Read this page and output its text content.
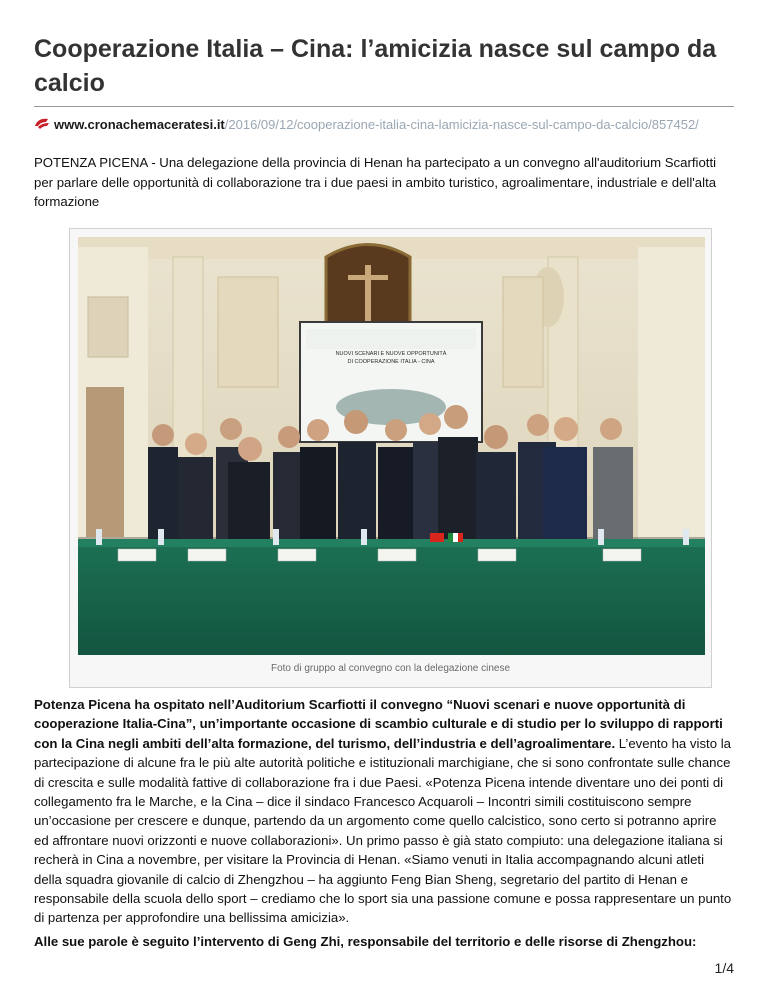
Cooperazione Italia – Cina: l’amicizia nasce sul campo da calcio
www.cronachemaceratesi.it/2016/09/12/cooperazione-italia-cina-lamicizia-nasce-sul-campo-da-calcio/857452/

POTENZA PICENA - Una delegazione della provincia di Henan ha partecipato a un convegno all'auditorium Scarfiotti per parlare delle opportunità di collaborazione tra i due paesi in ambito turistico, agroalimentare, industriale e dell'alta formazione

NUOVI SCENARI E NUOVE OPPORTUNITÀ
DI COOPERAZIONE ITALIA - CINA
Foto di gruppo al convegno con la delegazione cinese

Potenza Picena ha ospitato nell’Auditorium Scarfiotti il convegno “Nuovi scenari e nuove opportunità di cooperazione Italia-Cina”, un’importante occasione di scambio culturale e di studio per lo sviluppo di rapporti con la Cina negli ambiti dell’alta formazione, del turismo, dell’industria e dell’agroalimentare. L’evento ha visto la partecipazione di alcune fra le più alte autorità politiche e istituzionali marchigiane, che si sono confrontate sulle chance di crescita e sulle modalità fattive di collaborazione fra i due Paesi. «Potenza Picena intende diventare uno dei ponti di collegamento fra le Marche, e la Cina – dice il sindaco Francesco Acquaroli – Incontri simili costituiscono sempre un’occasione per crescere e dunque, partendo da un argomento come quello calcistico, sono certo si potranno aprire ed affrontare nuovi orizzonti e nuove collaborazioni». Un primo passo è già stato compiuto: una delegazione italiana si recherà in Cina a novembre, per visitare la Provincia di Henan. «Siamo venuti in Italia accompagnando alcuni atleti della squadra giovanile di calcio di Zhengzhou – ha aggiunto Feng Bian Sheng, segretario del partito di Henan e responsabile della scuola dello sport – crediamo che lo sport sia una passione comune e possa rappresentare un punto di partenza per approfondire una bellissima amicizia».

Alle sue parole è seguito l’intervento di Geng Zhi, responsabile del territorio e delle risorse di Zhengzhou:

1/4
